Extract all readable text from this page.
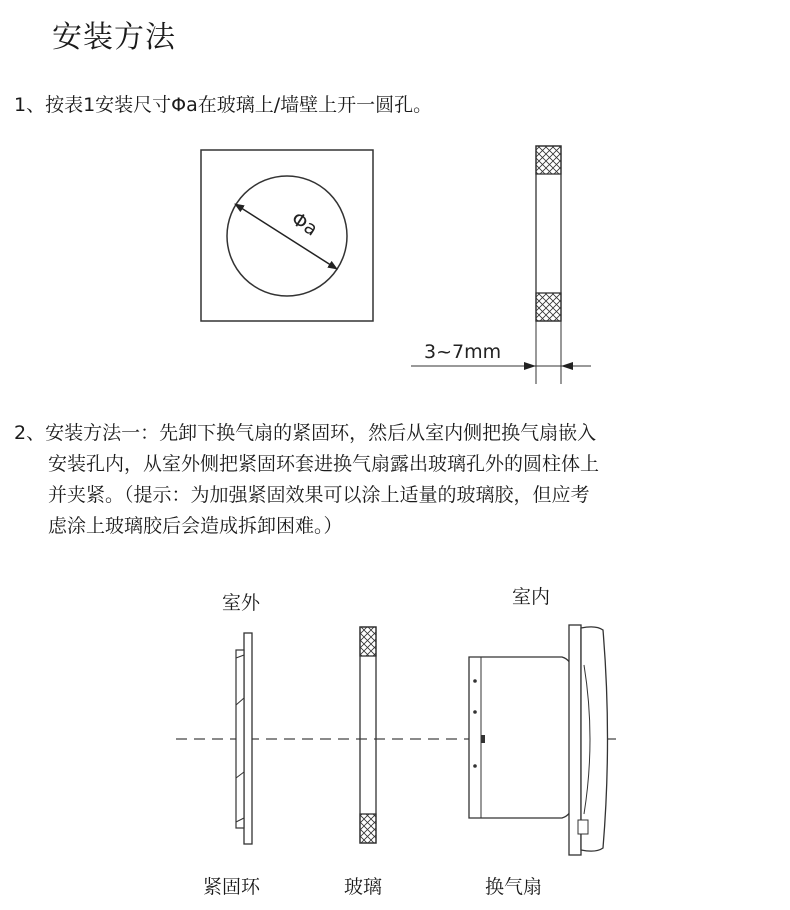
安装方法
1、按表1安装尺寸Φa在玻璃上/墙壁上开一圆孔。
2、安装方法一：先卸下换气扇的紧固环，然后从室内侧把换气扇嵌入
安装孔内，从室外侧把紧固环套进换气扇露出玻璃孔外的圆柱体上
并夹紧。（提示：为加强紧固效果可以涂上适量的玻璃胶，但应考
虑涂上玻璃胶后会造成拆卸困难。）
Φa
3~7mm
室外	室内
紧固环	玻璃	换气扇
